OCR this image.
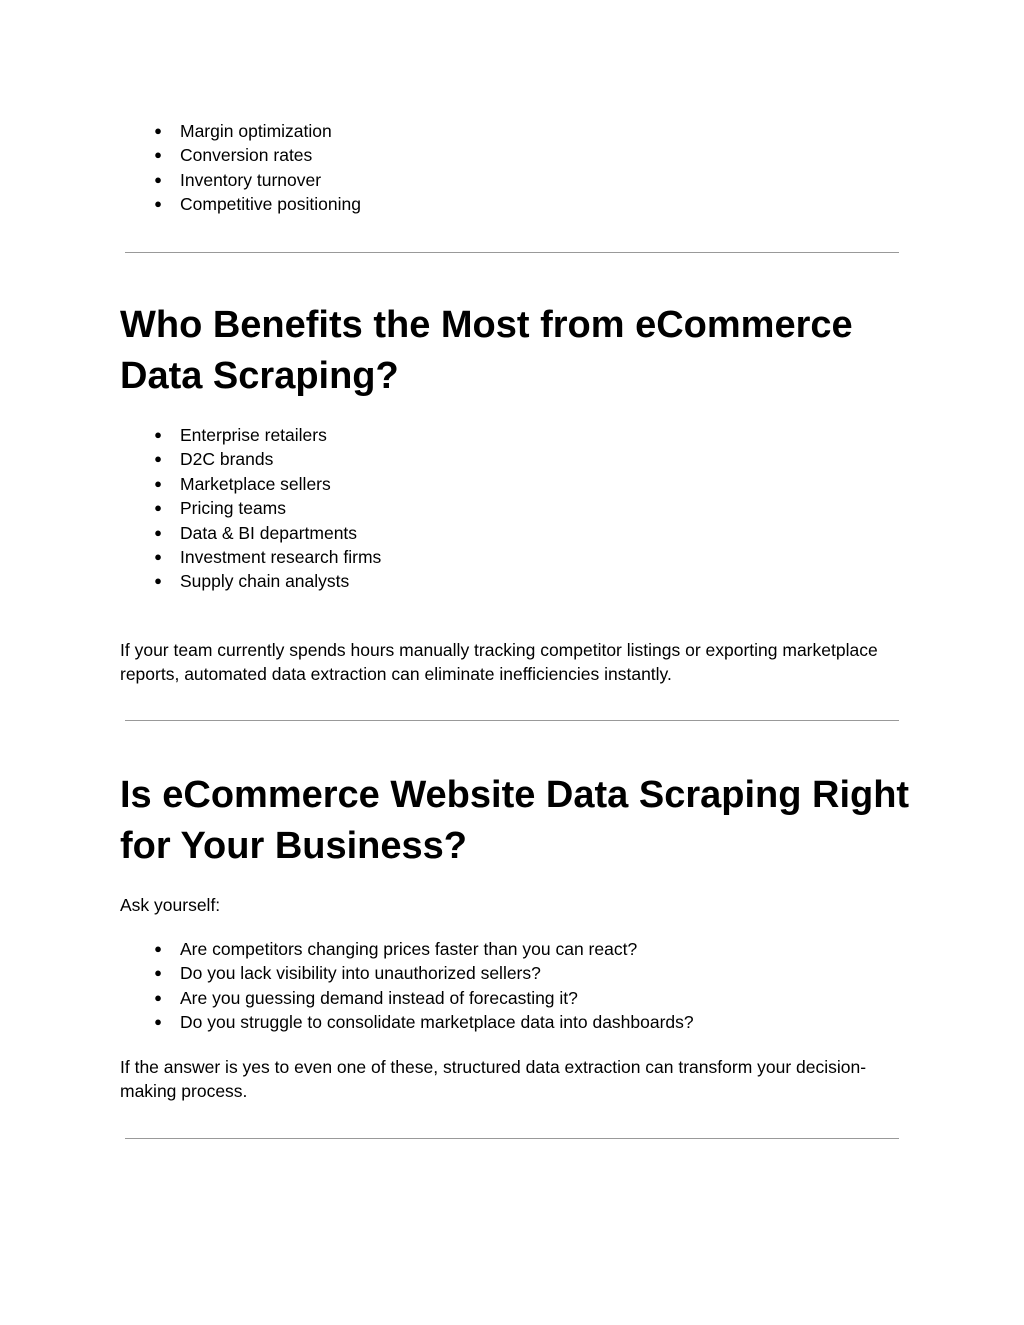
● Margin optimization
● Conversion rates
● Inventory turnover
● Competitive positioning
Who Benefits the Most from eCommerce Data Scraping?
● Enterprise retailers
● D2C brands
● Marketplace sellers
● Pricing teams
● Data & BI departments
● Investment research firms
● Supply chain analysts

If your team currently spends hours manually tracking competitor listings or exporting marketplace reports, automated data extraction can eliminate inefficiencies instantly.

Is eCommerce Website Data Scraping Right for Your Business?

Ask yourself:

● Are competitors changing prices faster than you can react?
● Do you lack visibility into unauthorized sellers?
● Are you guessing demand instead of forecasting it?
● Do you struggle to consolidate marketplace data into dashboards?

If the answer is yes to even one of these, structured data extraction can transform your decision-making process.
